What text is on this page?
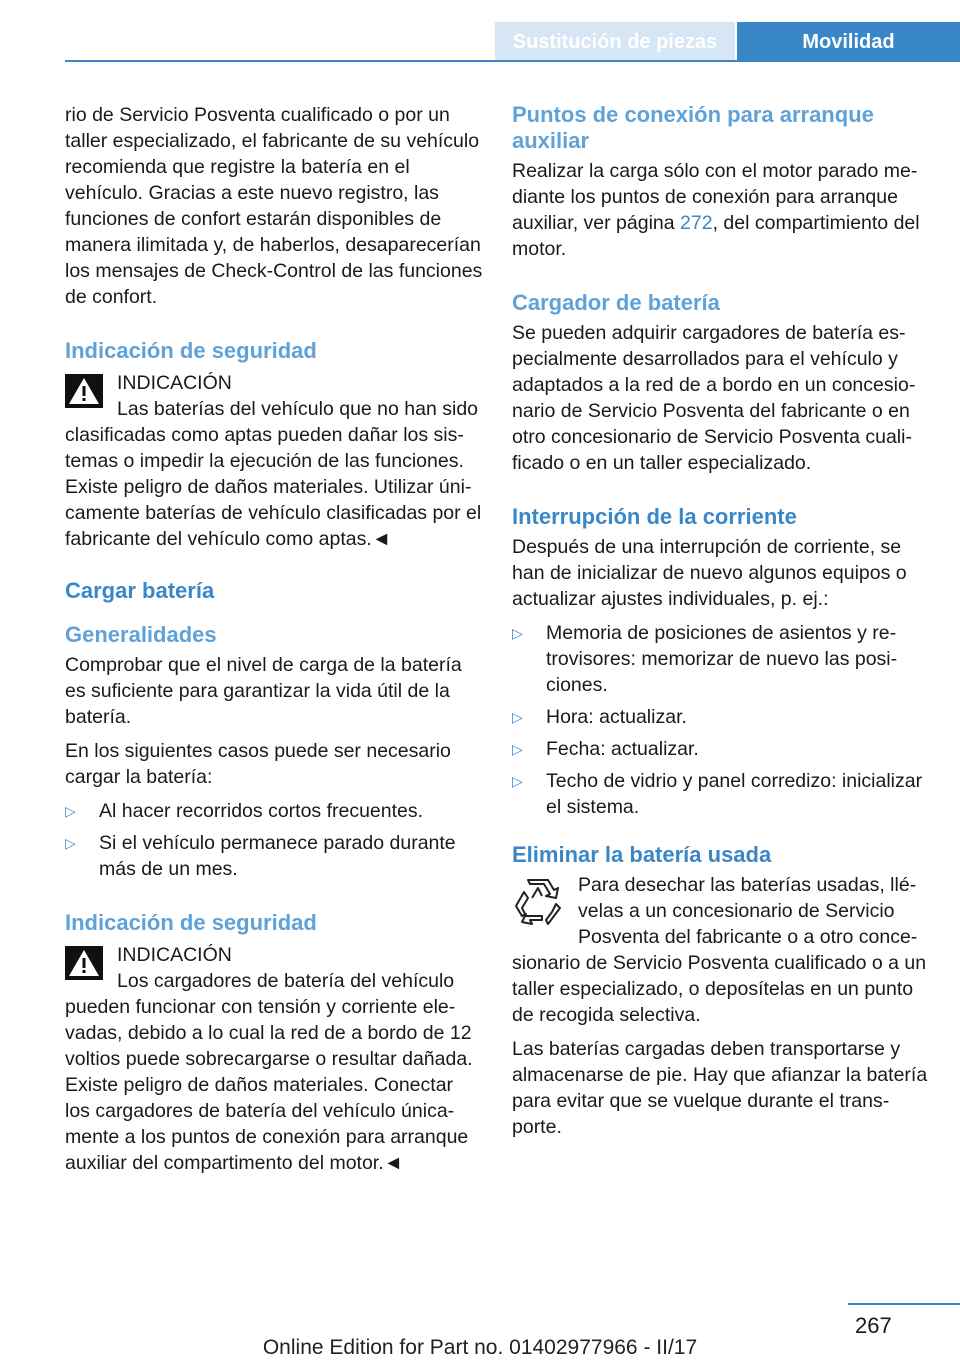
Sustitución de piezas	Movilidad

rio de Servicio Posventa cualificado o por un taller especializado, el fabricante de su vehículo recomienda que registre la batería en el vehículo. Gracias a este nuevo registro, las funciones de confort estarán disponibles de manera ilimitada y, de haberlos, desaparecerían los mensajes de Check-Control de las funciones de confort.

Indicación de seguridad
INDICACIÓN
Las baterías del vehículo que no han sido clasificadas como aptas pueden dañar los sistemas o impedir la ejecución de las funciones. Existe peligro de daños materiales. Utilizar únicamente baterías de vehículo clasificadas por el fabricante del vehículo como aptas.◄
Cargar batería
Generalidades

Comprobar que el nivel de carga de la batería es suficiente para garantizar la vida útil de la batería.

En los siguientes casos puede ser necesario cargar la batería:

▷ Al hacer recorridos cortos frecuentes.
▷ Si el vehículo permanece parado durante más de un mes.
Indicación de seguridad
INDICACIÓN
Los cargadores de batería del vehículo pueden funcionar con tensión y corriente elevadas, debido a lo cual la red de a bordo de 12 voltios puede sobrecargarse o resultar dañada. Existe peligro de daños materiales. Conectar los cargadores de batería del vehículo únicamente a los puntos de conexión para arranque auxiliar del compartimento del motor.◄
Puntos de conexión para arranque auxiliar

Realizar la carga sólo con el motor parado mediante los puntos de conexión para arranque auxiliar, ver página 272, del compartimiento del motor.

Cargador de batería

Se pueden adquirir cargadores de batería especialmente desarrollados para el vehículo y adaptados a la red de a bordo en un concesionario de Servicio Posventa del fabricante o en otro concesionario de Servicio Posventa cualificado o en un taller especializado.

Interrupción de la corriente

Después de una interrupción de corriente, se han de inicializar de nuevo algunos equipos o actualizar ajustes individuales, p. ej.:

▷ Memoria de posiciones de asientos y retrovisores: memorizar de nuevo las posiciones.
▷ Hora: actualizar.
▷ Fecha: actualizar.
▷ Techo de vidrio y panel corredizo: inicializar el sistema.
Eliminar la batería usada

Para desechar las baterías usadas, llévelas a un concesionario de Servicio Posventa del fabricante o a otro concesionario de Servicio Posventa cualificado o a un taller especializado, o deposítelas en un punto de recogida selectiva.

Las baterías cargadas deben transportarse y almacenarse de pie. Hay que afianzar la batería para evitar que se vuelque durante el transporte.

267
Online Edition for Part no. 01402977966 - II/17
